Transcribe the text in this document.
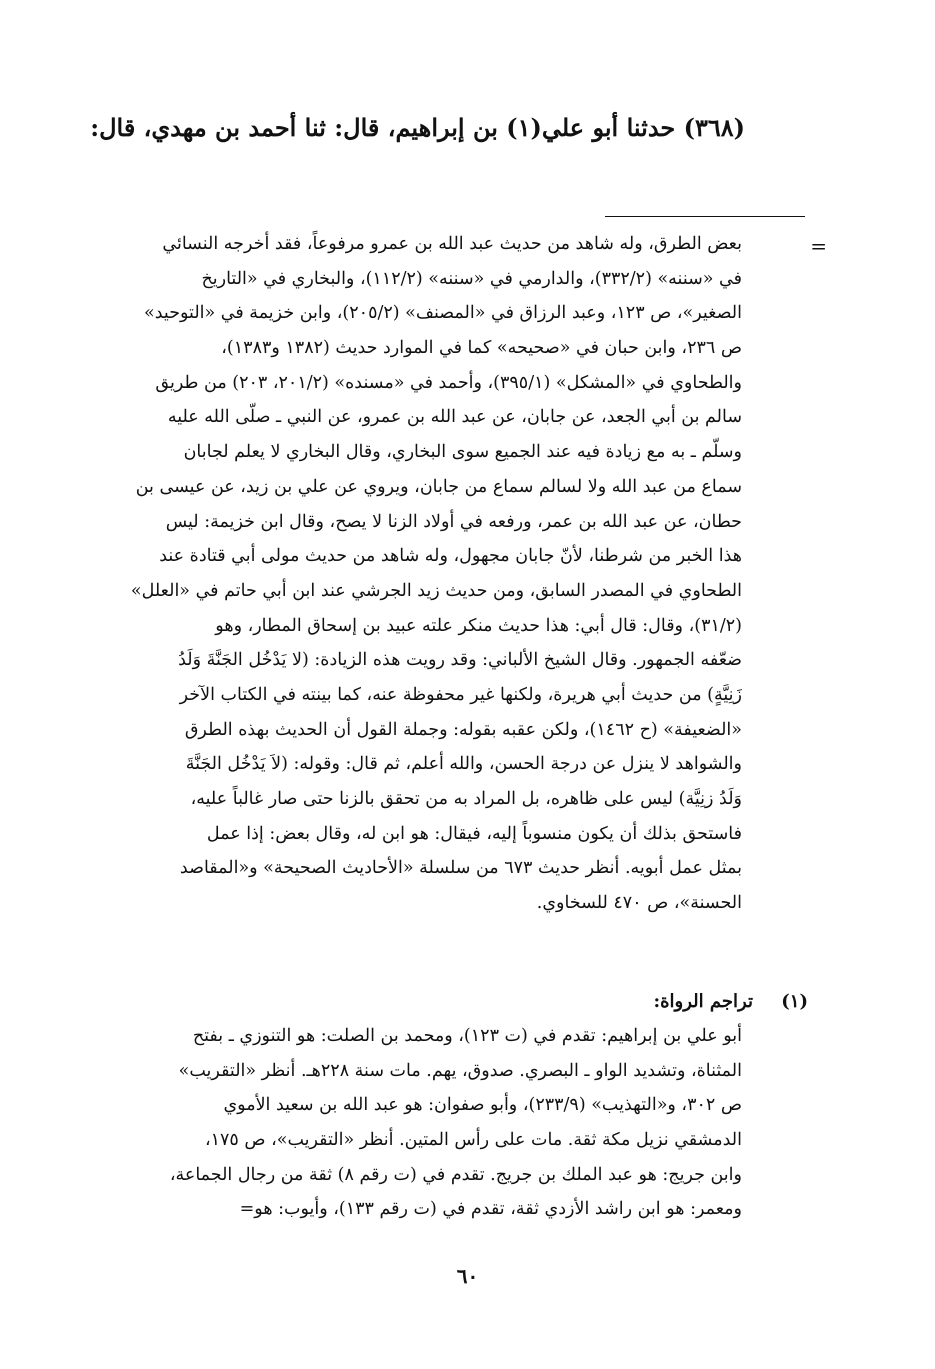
(٣٦٨) حدثنا أبو علي(١) بن إبراهيم، قال: ثنا أحمد بن مهدي، قال:
=
بعض الطرق، وله شاهد من حديث عبد الله بن عمرو مرفوعاً، فقد أخرجه النسائي
في «سننه» (٣٣٢/٢)، والدارمي في «سننه» (١١٢/٢)، والبخاري في «التاريخ
الصغير»، ص ١٢٣، وعبد الرزاق في «المصنف» (٢٠٥/٢)، وابن خزيمة في «التوحيد»
ص ٢٣٦، وابن حبان في «صحيحه» كما في الموارد حديث (١٣٨٢ و١٣٨٣)،
والطحاوي في «المشكل» (٣٩٥/١)، وأحمد في «مسنده» (٢٠١/٢، ٢٠٣) من طريق
سالم بن أبي الجعد، عن جابان، عن عبد الله بن عمرو، عن النبي ـ صلّى الله عليه
وسلّم ـ به مع زيادة فيه عند الجميع سوى البخاري، وقال البخاري لا يعلم لجابان
سماع من عبد الله ولا لسالم سماع من جابان، ويروي عن علي بن زيد، عن عيسى بن
حطان، عن عبد الله بن عمر، ورفعه في أولاد الزنا لا يصح، وقال ابن خزيمة: ليس
هذا الخبر من شرطنا، لأنّ جابان مجهول، وله شاهد من حديث مولى أبي قتادة عند
الطحاوي في المصدر السابق، ومن حديث زيد الجرشي عند ابن أبي حاتم في «العلل»
(٣١/٢)، وقال: قال أبي: هذا حديث منكر علته عبيد بن إسحاق المطار، وهو
ضعّفه الجمهور. وقال الشيخ الألباني: وقد رويت هذه الزيادة: (لا يَدْخُل الجَنَّةَ وَلَدُ
زَنِيَّةٍ) من حديث أبي هريرة، ولكنها غير محفوظة عنه، كما بينته في الكتاب الآخر
«الضعيفة» (ح ١٤٦٢)، ولكن عقبه بقوله: وجملة القول أن الحديث بهذه الطرق
والشواهد لا ينزل عن درجة الحسن، والله أعلم، ثم قال: وقوله: (لاَ يَدْخُل الجَنَّةَ
وَلَدُ زنِيَّة) ليس على ظاهره، بل المراد به من تحقق بالزنا حتى صار غالباً عليه،
فاستحق بذلك أن يكون منسوباً إليه، فيقال: هو ابن له، وقال بعض: إذا عمل
بمثل عمل أبويه. أنظر حديث ٦٧٣ من سلسلة «الأحاديث الصحيحة» و«المقاصد
الحسنة»، ص ٤٧٠ للسخاوي.
(١) تراجم الرواة:
أبو علي بن إبراهيم: تقدم في (ت ١٢٣)، ومحمد بن الصلت: هو التنوزي ـ بفتح
المثناة، وتشديد الواو ـ البصري. صدوق، يهم. مات سنة ٢٢٨هـ. أنظر «التقريب»
ص ٣٠٢، و«التهذيب» (٢٣٣/٩)، وأبو صفوان: هو عبد الله بن سعيد الأموي
الدمشقي نزيل مكة ثقة. مات على رأس المتين. أنظر «التقريب»، ص ١٧٥،
وابن جريج: هو عبد الملك بن جريج. تقدم في (ت رقم ٨) ثقة من رجال الجماعة،
ومعمر: هو ابن راشد الأزدي ثقة، تقدم في (ت رقم ١٣٣)، وأيوب: هو=
٦٠
